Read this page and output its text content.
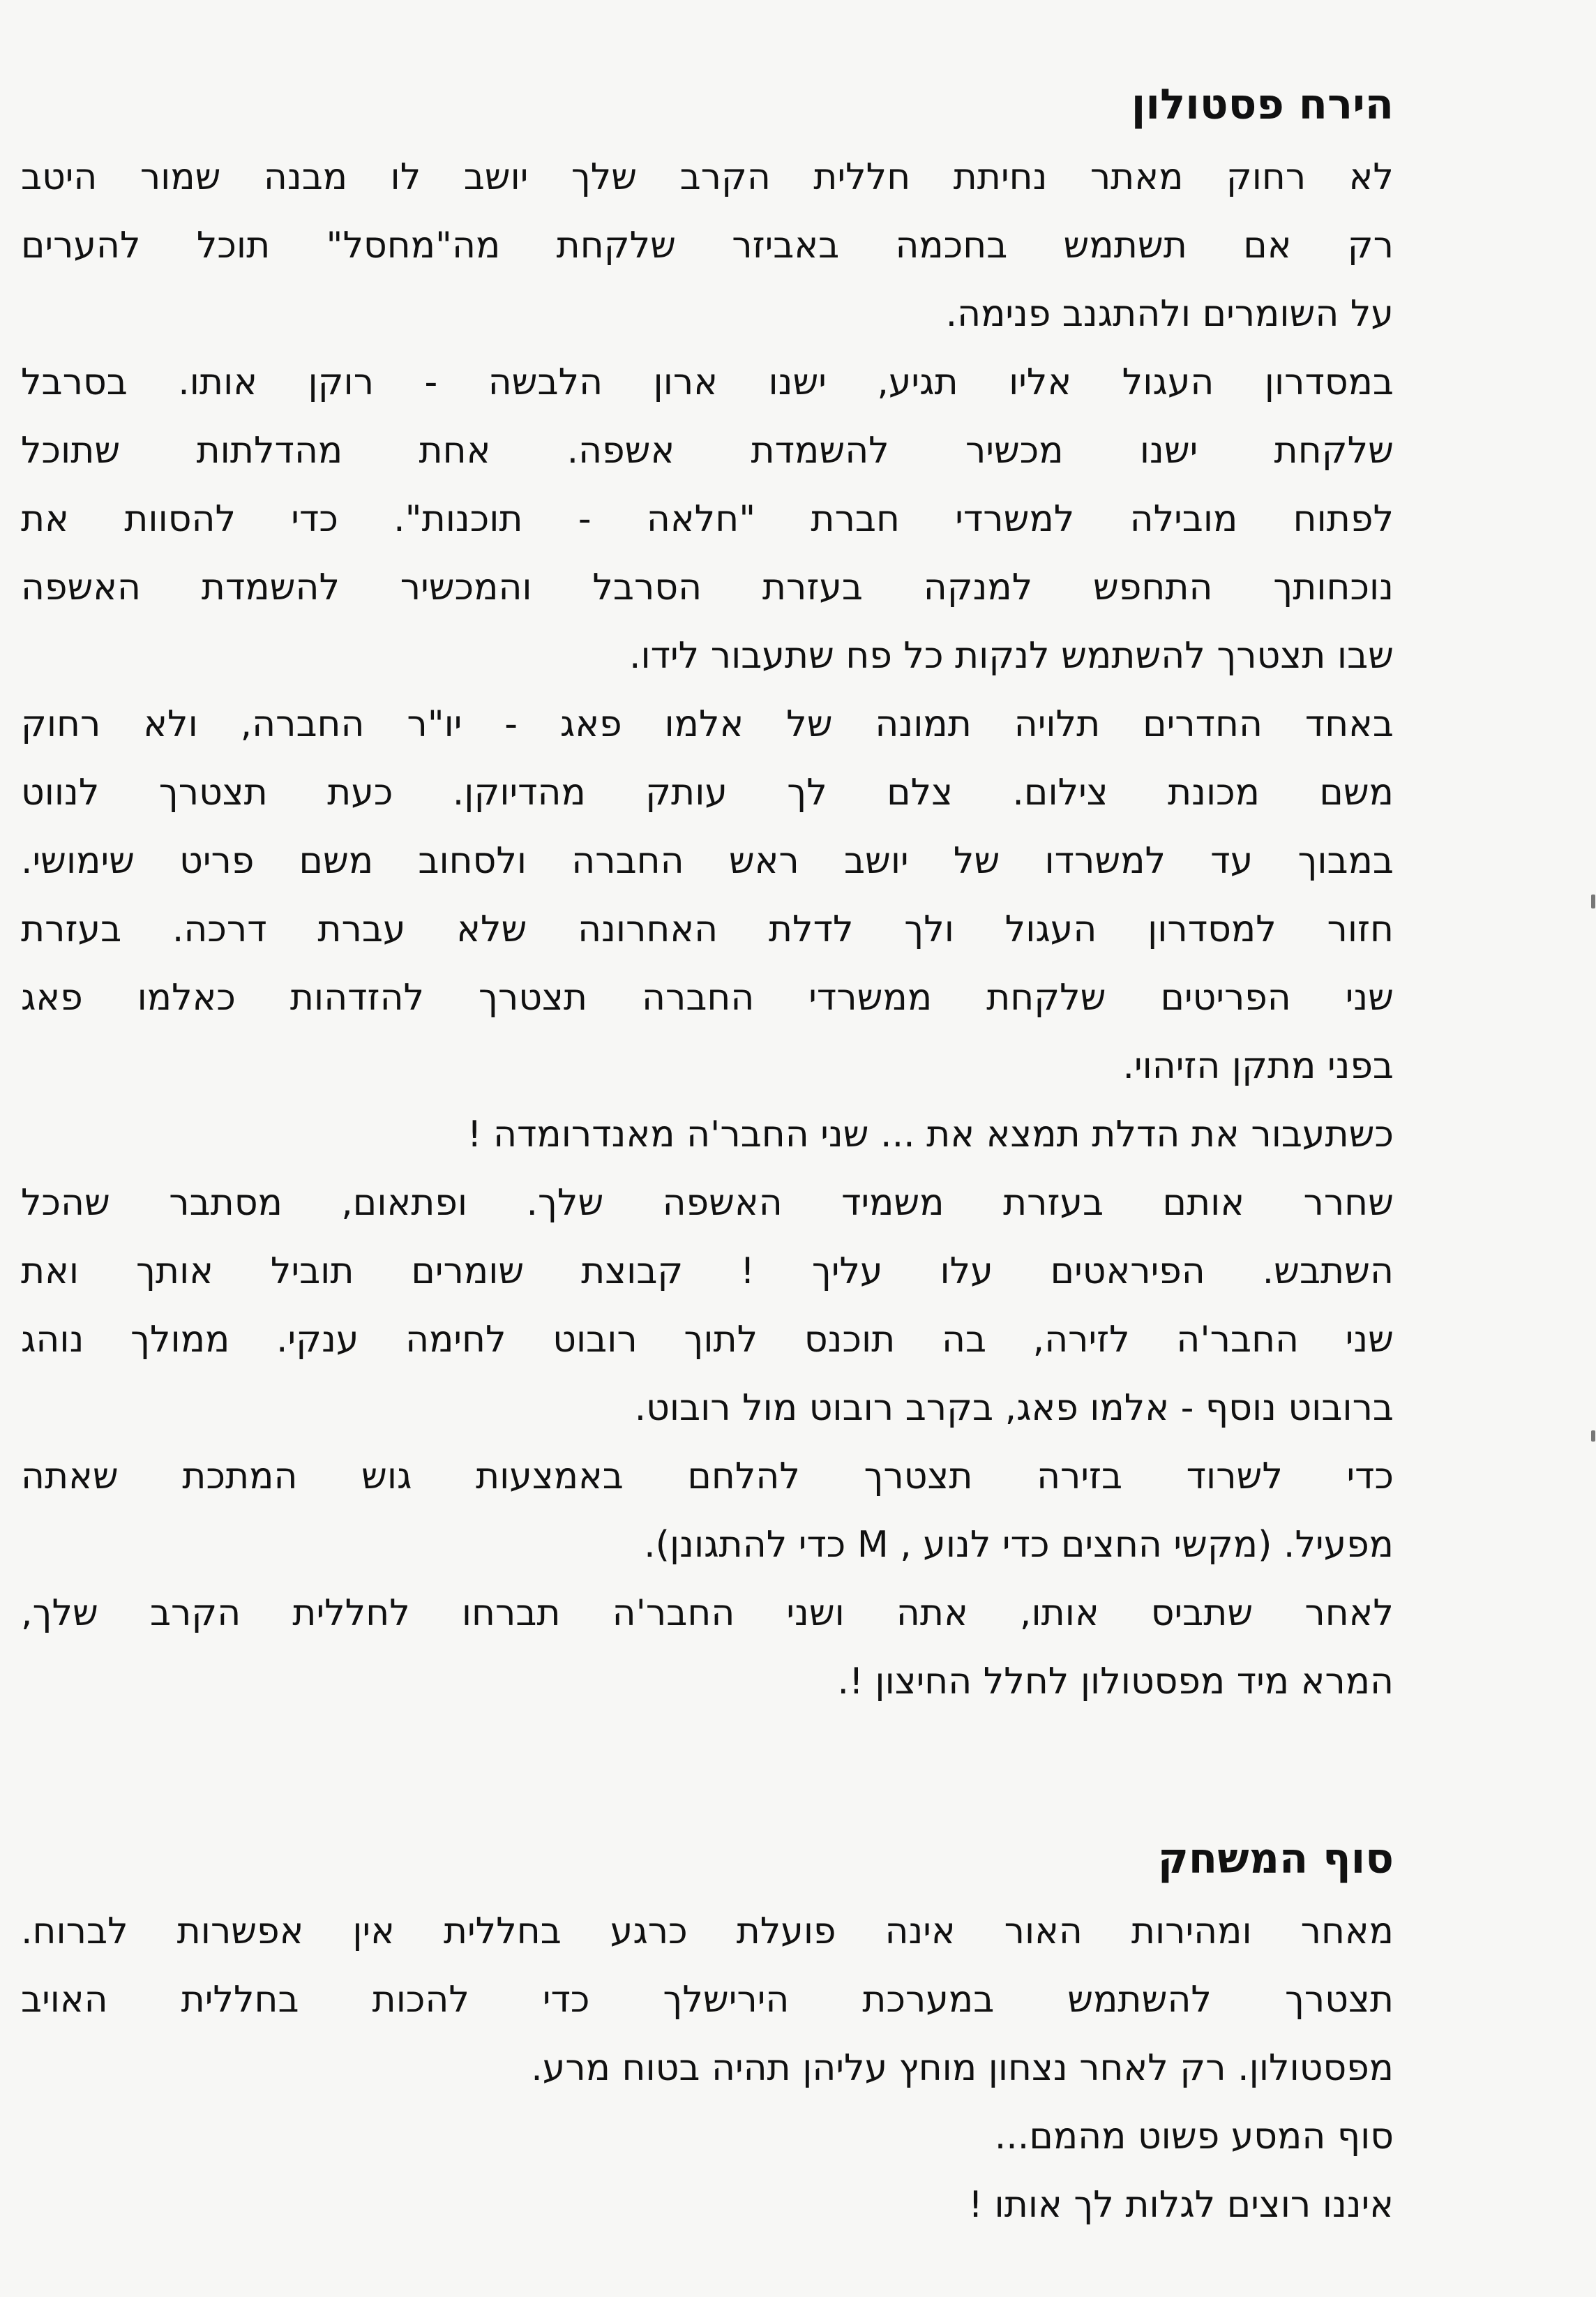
הירח פסטולון
לא רחוק מאתר נחיתת חללית הקרב שלך יושב לו מבנה שמור היטב
רק אם תשתמש בחכמה באביזר שלקחת מה"מחסל" תוכל להערים
על השומרים ולהתגנב פנימה.
במסדרון העגול אליו תגיע, ישנו ארון הלבשה - רוקן אותו. בסרבל
שלקחת ישנו מכשיר להשמדת אשפה. אחת מהדלתות שתוכל
לפתוח מובילה למשרדי חברת "חלאה - תוכנות". כדי להסוות את
נוכחותך התחפש למנקה בעזרת הסרבל והמכשיר להשמדת האשפה
שבו תצטרך להשתמש לנקות כל פח שתעבור לידו.
באחד החדרים תלויה תמונה של אלמו פאג - יו"ר החברה, ולא רחוק
משם מכונת צילום. צלם לך עותק מהדיוקן. כעת תצטרך לנווט
במבוך עד למשרדו של יושב ראש החברה ולסחוב משם פריט שימושי.
חזור למסדרון העגול ולך לדלת האחרונה שלא עברת דרכה. בעזרת
שני הפריטים שלקחת ממשרדי החברה תצטרך להזדהות כאלמו פאג
בפני מתקן הזיהוי.
כשתעבור את הדלת תמצא את ... שני החבר'ה מאנדרומדה !
שחרר אותם בעזרת משמיד האשפה שלך. ופתאום, מסתבר שהכל
השתבש. הפיראטים עלו עליך ! קבוצת שומרים תוביל אותך ואת
שני החבר'ה לזירה, בה תוכנס לתוך רובוט לחימה ענקי. ממולך נוהג
ברובוט נוסף - אלמו פאג, בקרב רובוט מול רובוט.
כדי לשרוד בזירה תצטרך להלחם באמצעות גוש המתכת שאתה
מפעיל. (מקשי החצים כדי לנוע , M כדי להתגונן).
לאחר שתביס אותו, אתה ושני החבר'ה תברחו לחללית הקרב שלך,
המרא מיד מפסטולון לחלל החיצון !.
סוף המשחק
מאחר ומהירות האור אינה פועלת כרגע בחללית אין אפשרות לברוח.
תצטרך להשתמש במערכת הירישלך כדי להכות בחללית האויב
מפסטולון. רק לאחר נצחון מוחץ עליהן תהיה בטוח מרע.
סוף המסע פשוט מהמם...
איננו רוצים לגלות לך אותו !
